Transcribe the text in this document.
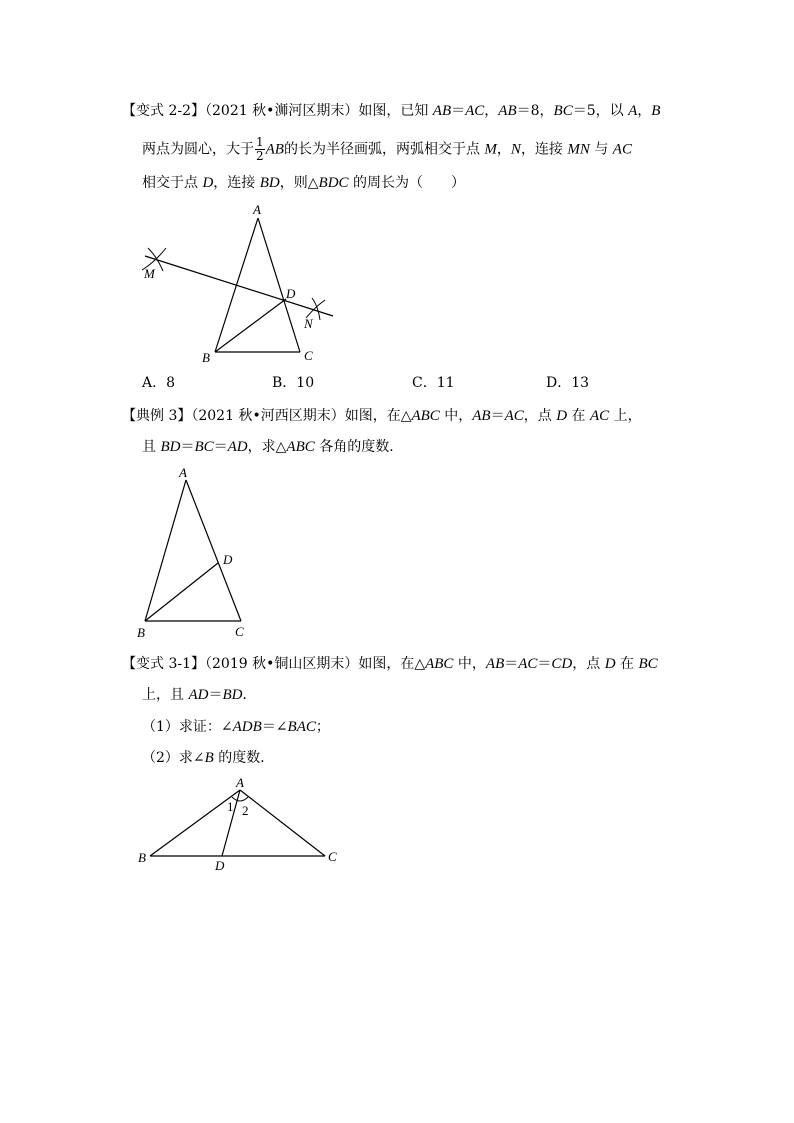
【变式 2-2】（2021 秋•浉河区期末）如图，已知 AB＝AC，AB＝8，BC＝5，以 A，B
两点为圆心，大于 $\frac{1}{2}$ AB的长为半径画弧，两弧相交于点 M，N，连接 MN 与 AC
相交于点 D，连接 BD，则△BDC 的周长为（　　）
A
B	C
D
M
N
A．8	B．10	C．11	D．13
【典例 3】（2021 秋•河西区期末）如图，在△ABC 中，AB＝AC，点 D 在 AC 上，
且 BD＝BC＝AD，求△ABC 各角的度数．
A
B	C
D
【变式 3-1】（2019 秋•铜山区期末）如图，在△ABC 中，AB＝AC＝CD，点 D 在 BC
上，且 AD＝BD．
（1）求证：∠ADB＝∠BAC；
（2）求∠B 的度数．
A
B	C
D
1 2
